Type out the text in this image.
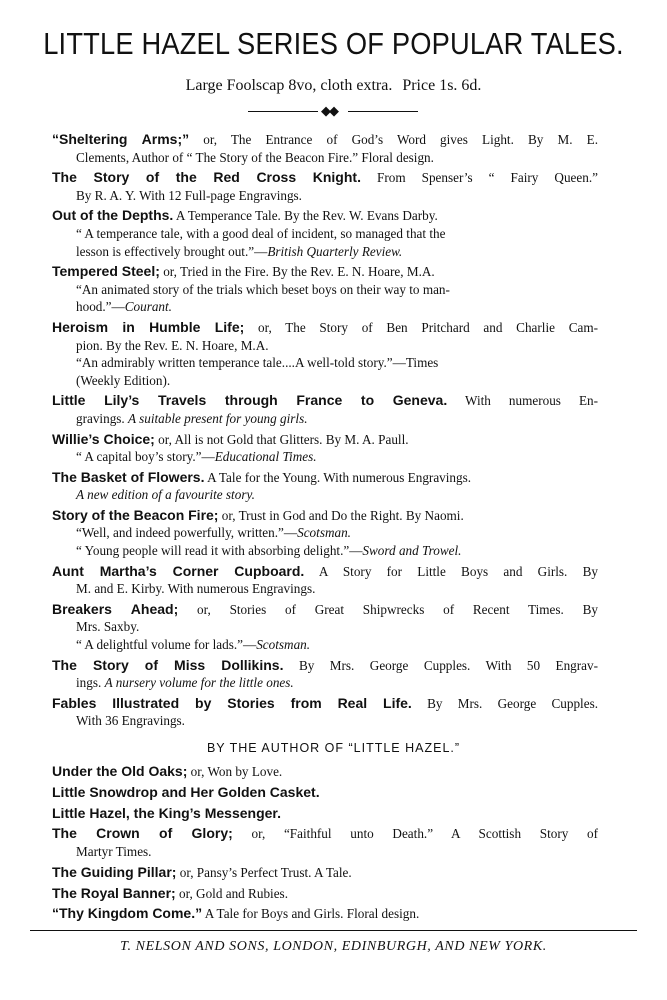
LITTLE HAZEL SERIES OF POPULAR TALES.
Large Foolscap 8vo, cloth extra. Price 1s. 6d.
◆◆
“Sheltering Arms;” or, The Entrance of God’s Word gives Light. By M. E.
Clements, Author of “ The Story of the Beacon Fire.” Floral design.
The Story of the Red Cross Knight. From Spenser’s “ Fairy Queen.”
By R. A. Y. With 12 Full-page Engravings.
Out of the Depths. A Temperance Tale. By the Rev. W. Evans Darby.
“ A temperance tale, with a good deal of incident, so managed that the
lesson is effectively brought out.”—British Quarterly Review.
Tempered Steel; or, Tried in the Fire. By the Rev. E. N. Hoare, M.A.
“An animated story of the trials which beset boys on their way to man-
hood.”—Courant.
Heroism in Humble Life; or, The Story of Ben Pritchard and Charlie Cam-
pion. By the Rev. E. N. Hoare, M.A.
“An admirably written temperance tale....A well-told story.”—Times
(Weekly Edition).
Little Lily’s Travels through France to Geneva. With numerous En-
gravings. A suitable present for young girls.
Willie’s Choice; or, All is not Gold that Glitters. By M. A. Paull.
“ A capital boy’s story.”—Educational Times.
The Basket of Flowers. A Tale for the Young. With numerous Engravings.
A new edition of a favourite story.
Story of the Beacon Fire; or, Trust in God and Do the Right. By Naomi.
“Well, and indeed powerfully, written.”—Scotsman.
“ Young people will read it with absorbing delight.”—Sword and Trowel.
Aunt Martha’s Corner Cupboard. A Story for Little Boys and Girls. By
M. and E. Kirby. With numerous Engravings.
Breakers Ahead; or, Stories of Great Shipwrecks of Recent Times. By
Mrs. Saxby.
“ A delightful volume for lads.”—Scotsman.
The Story of Miss Dollikins. By Mrs. George Cupples. With 50 Engrav-
ings. A nursery volume for the little ones.
Fables Illustrated by Stories from Real Life. By Mrs. George Cupples.
With 36 Engravings.
BY THE AUTHOR OF “LITTLE HAZEL.”
Under the Old Oaks; or, Won by Love.
Little Snowdrop and Her Golden Casket.
Little Hazel, the King’s Messenger.
The Crown of Glory; or, “Faithful unto Death.” A Scottish Story of
Martyr Times.
The Guiding Pillar; or, Pansy’s Perfect Trust. A Tale.
The Royal Banner; or, Gold and Rubies.
“Thy Kingdom Come.” A Tale for Boys and Girls. Floral design.
T. NELSON AND SONS, LONDON, EDINBURGH, AND NEW YORK.
